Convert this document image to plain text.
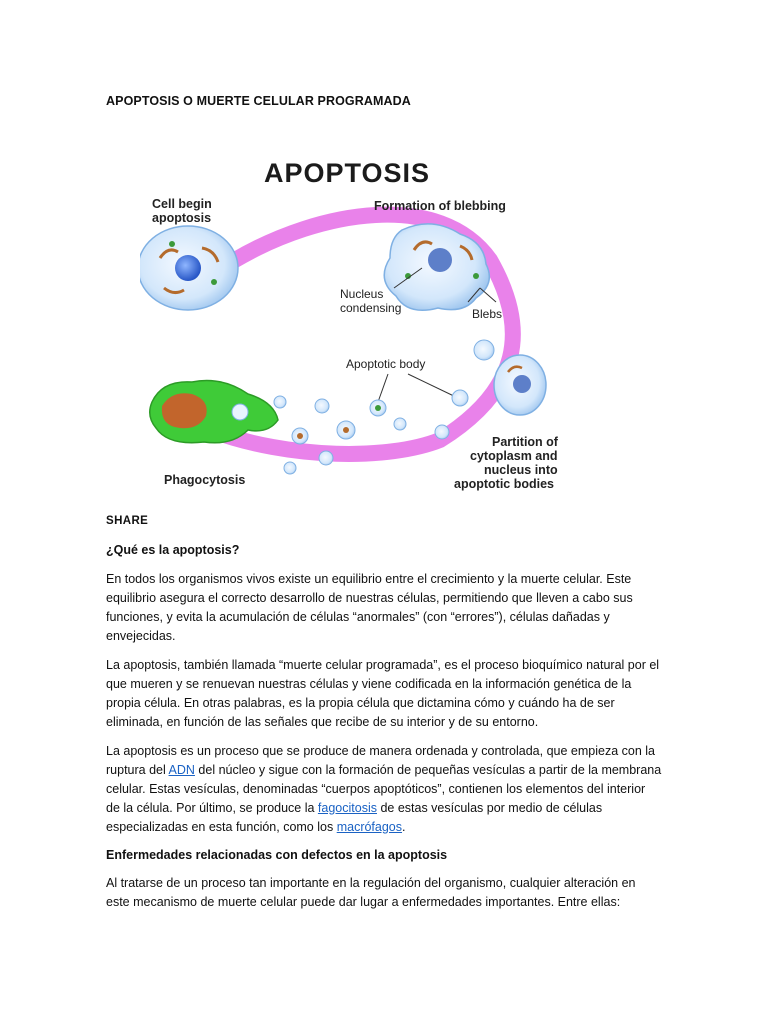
APOPTOSIS O MUERTE CELULAR PROGRAMADA
APOPTOSIS
Cell begin
apoptosis
Formation of blebbing
Nucleus
condensing	Blebs
Apoptotic body
Partition of
cytoplasm and
nucleus into
apoptotic bodies
Phagocytosis
SHARE
¿Qué es la apoptosis?

En todos los organismos vivos existe un equilibrio entre el crecimiento y la muerte celular. Este equilibrio asegura el correcto desarrollo de nuestras células, permitiendo que lleven a cabo sus funciones, y evita la acumulación de células “anormales” (con “errores”), células dañadas y envejecidas.

La apoptosis, también llamada “muerte celular programada”, es el proceso bioquímico natural por el que mueren y se renuevan nuestras células y viene codificada en la información genética de la propia célula. En otras palabras, es la propia célula que dictamina cómo y cuándo ha de ser eliminada, en función de las señales que recibe de su interior y de su entorno.

La apoptosis es un proceso que se produce de manera ordenada y controlada, que empieza con la ruptura del ADN del núcleo y sigue con la formación de pequeñas vesículas a partir de la membrana celular. Estas vesículas, denominadas “cuerpos apoptóticos”, contienen los elementos del interior de la célula. Por último, se produce la fagocitosis de estas vesículas por medio de células especializadas en esta función, como los macrófagos.

Enfermedades relacionadas con defectos en la apoptosis

Al tratarse de un proceso tan importante en la regulación del organismo, cualquier alteración en este mecanismo de muerte celular puede dar lugar a enfermedades importantes. Entre ellas:
